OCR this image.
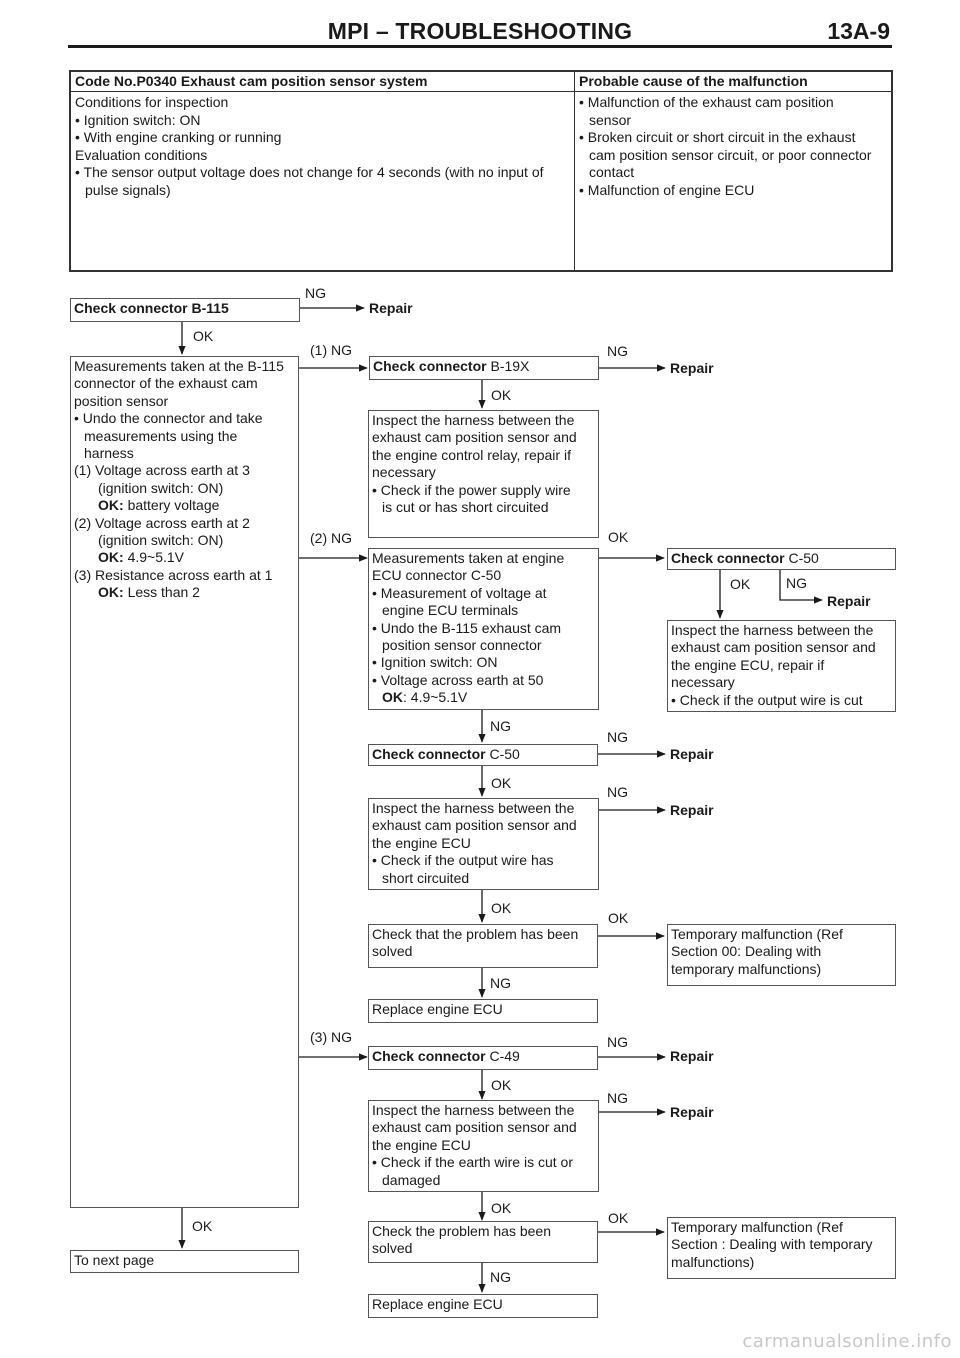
MPI – TROUBLESHOOTING	13A-9
Code No.P0340 Exhaust cam position sensor system
Conditions for inspection
• Ignition switch: ON
• With engine cranking or running
Evaluation conditions
• The sensor output voltage does not change for 4 seconds (with no input of
pulse signals)
Probable cause of the malfunction
• Malfunction of the exhaust cam position
sensor
• Broken circuit or short circuit in the exhaust
cam position sensor circuit, or poor connector
contact
• Malfunction of engine ECU
Check connector B-115
NG
Repair
OK
Measurements taken at the B-115
connector of the exhaust cam
position sensor
• Undo the connector and take
measurements using the
harness
(1) Voltage across earth at 3
(ignition switch: ON)
OK: battery voltage
(2) Voltage across earth at 2
(ignition switch: ON)
OK: 4.9~5.1V
(3) Resistance across earth at 1
OK: Less than 2
(1) NG
Check connector B-19X
NG
Repair
OK
Inspect the harness between the
exhaust cam position sensor and
the engine control relay, repair if
necessary
• Check if the power supply wire
is cut or has short circuited
(2) NG
Measurements taken at engine
ECU connector C-50
• Measurement of voltage at
engine ECU terminals
• Undo the B-115 exhaust cam
position sensor connector
• Ignition switch: ON
• Voltage across earth at 50
OK: 4.9~5.1V
OK
Check connector C-50
OK	NG
Repair
Inspect the harness between the
exhaust cam position sensor and
the engine ECU, repair if
necessary
• Check if the output wire is cut
NG
Check connector C-50
NG
Repair
OK
Inspect the harness between the
exhaust cam position sensor and
the engine ECU
• Check if the output wire has
short circuited
NG
Repair
OK
Check that the problem has been
solved
OK
Temporary malfunction (Ref
Section 00: Dealing with
temporary malfunctions)
NG
Replace engine ECU
(3) NG
Check connector C-49
NG
Repair
OK
Inspect the harness between the
exhaust cam position sensor and
the engine ECU
• Check if the earth wire is cut or
damaged
NG
Repair
OK
Check the problem has been
solved
OK
Temporary malfunction (Ref
Section : Dealing with temporary
malfunctions)
NG
Replace engine ECU
OK
To next page
carmanualsonline.info
